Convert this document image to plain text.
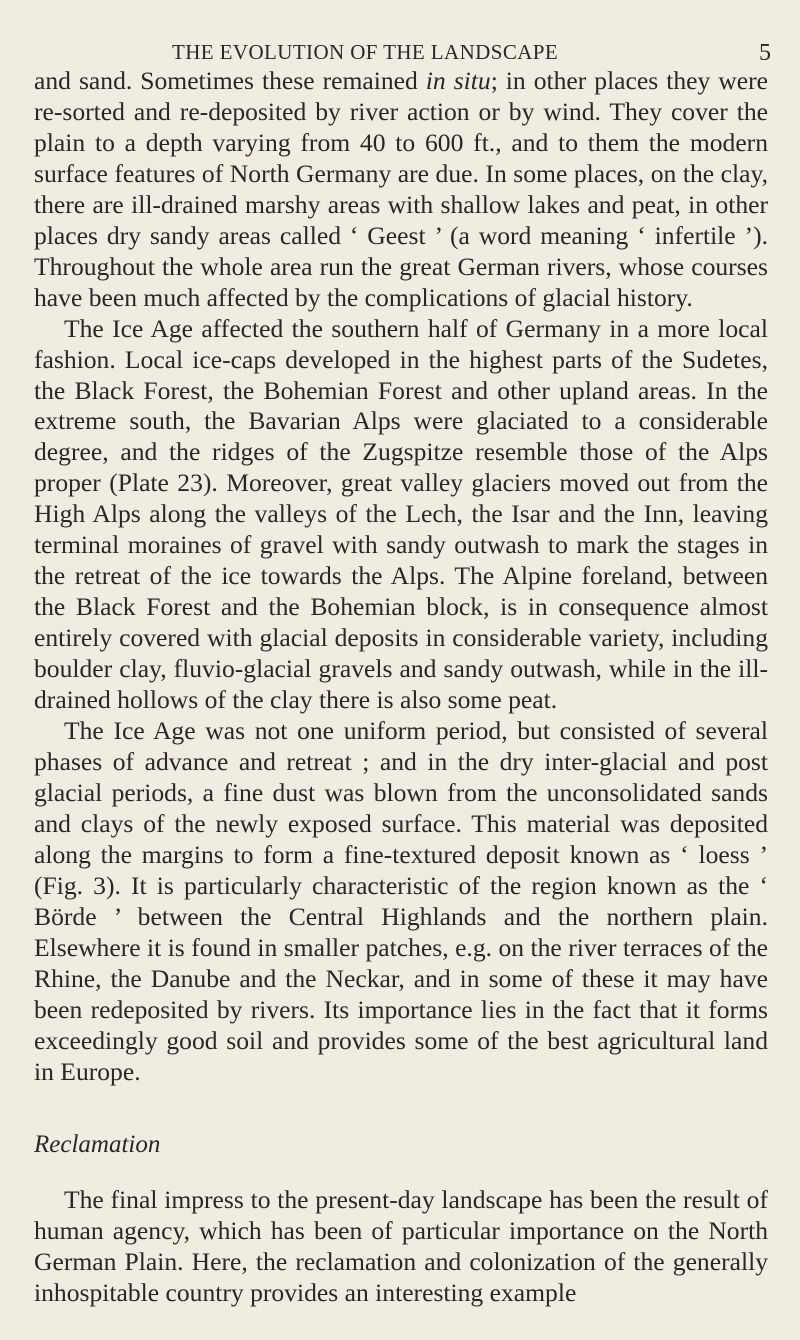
THE EVOLUTION OF THE LANDSCAPE	5

and sand. Sometimes these remained in situ; in other places they were re-sorted and re-deposited by river action or by wind. They cover the plain to a depth varying from 40 to 600 ft., and to them the modern surface features of North Germany are due. In some places, on the clay, there are ill-drained marshy areas with shallow lakes and peat, in other places dry sandy areas called ‘ Geest ’ (a word meaning ‘ infertile ’). Throughout the whole area run the great German rivers, whose courses have been much affected by the complications of glacial history.

The Ice Age affected the southern half of Germany in a more local fashion. Local ice-caps developed in the highest parts of the Sudetes, the Black Forest, the Bohemian Forest and other upland areas. In the extreme south, the Bavarian Alps were glaciated to a considerable degree, and the ridges of the Zugspitze resemble those of the Alps proper (Plate 23). Moreover, great valley glaciers moved out from the High Alps along the valleys of the Lech, the Isar and the Inn, leaving terminal moraines of gravel with sandy outwash to mark the stages in the retreat of the ice towards the Alps. The Alpine foreland, between the Black Forest and the Bohemian block, is in consequence almost entirely covered with glacial deposits in considerable variety, including boulder clay, fluvio-glacial gravels and sandy outwash, while in the ill-drained hollows of the clay there is also some peat.

The Ice Age was not one uniform period, but consisted of several phases of advance and retreat ; and in the dry inter-glacial and post glacial periods, a fine dust was blown from the unconsolidated sands and clays of the newly exposed surface. This material was deposited along the margins to form a fine-textured deposit known as ‘ loess ’ (Fig. 3). It is particularly characteristic of the region known as the ‘ Börde ’ between the Central Highlands and the northern plain. Elsewhere it is found in smaller patches, e.g. on the river terraces of the Rhine, the Danube and the Neckar, and in some of these it may have been redeposited by rivers. Its importance lies in the fact that it forms exceedingly good soil and provides some of the best agricultural land in Europe.

Reclamation

The final impress to the present-day landscape has been the result of human agency, which has been of particular importance on the North German Plain. Here, the reclamation and colonization of the generally inhospitable country provides an interesting example
